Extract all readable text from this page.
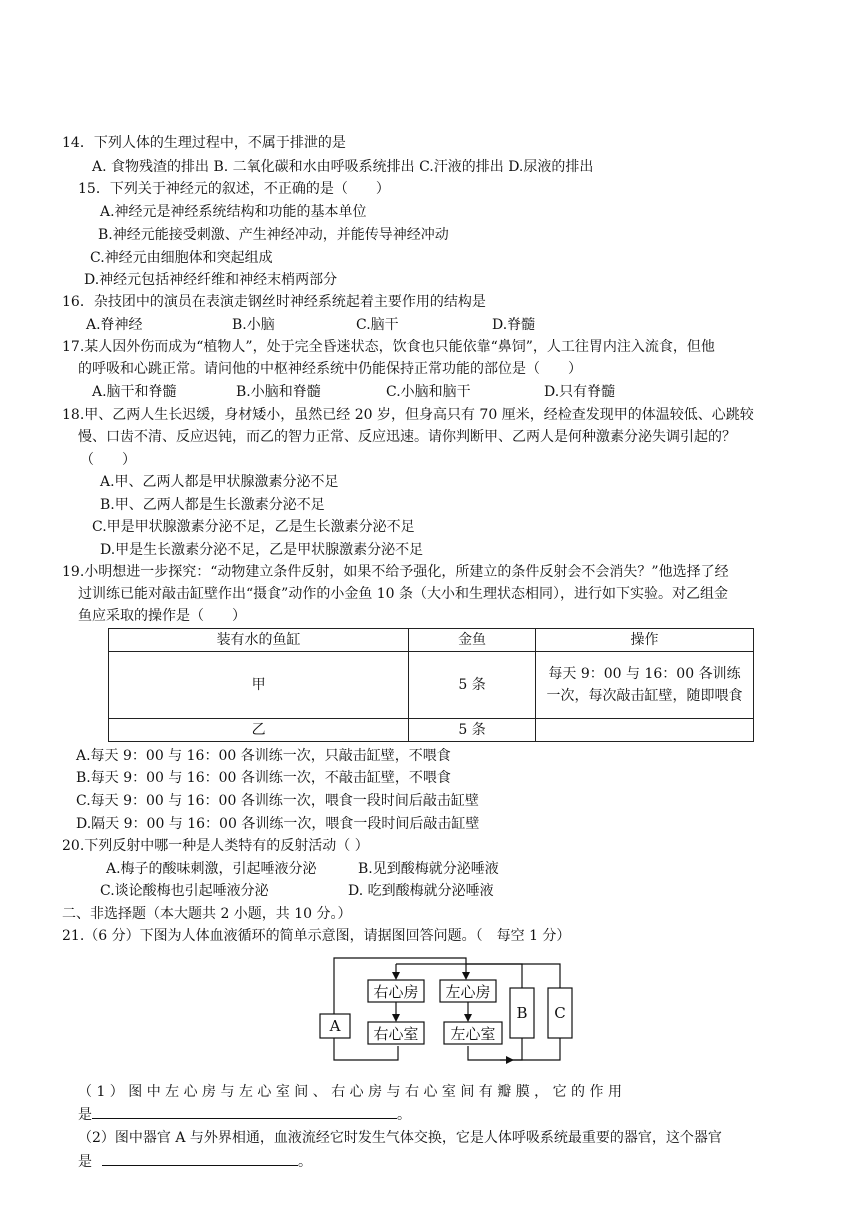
14．下列人体的生理过程中，不属于排泄的是
A. 食物残渣的排出 B. 二氧化碳和水由呼吸系统排出 C.汗液的排出 D.尿液的排出
15．下列关于神经元的叙述，不正确的是（　　）
A.神经元是神经系统结构和功能的基本单位
B.神经元能接受刺激、产生神经冲动，并能传导神经冲动
C.神经元由细胞体和突起组成
D.神经元包括神经纤维和神经末梢两部分
16．杂技团中的演员在表演走钢丝时神经系统起着主要作用的结构是
A.脊神经	B.小脑	C.脑干	D.脊髓
17.某人因外伤而成为“植物人”，处于完全昏迷状态，饮食也只能依靠“鼻饲”，人工往胃内注入流食，但他
的呼吸和心跳正常。请问他的中枢神经系统中仍能保持正常功能的部位是（　　）
A.脑干和脊髓	B.小脑和脊髓	C.小脑和脑干	D.只有脊髓
18.甲、乙两人生长迟缓，身材矮小，虽然已经 20 岁，但身高只有 70 厘米，经检查发现甲的体温较低、心跳较
慢、口齿不清、反应迟钝，而乙的智力正常、反应迅速。请你判断甲、乙两人是何种激素分泌失调引起的？
（　　）
A.甲、乙两人都是甲状腺激素分泌不足
B.甲、乙两人都是生长激素分泌不足
C.甲是甲状腺激素分泌不足，乙是生长激素分泌不足
D.甲是生长激素分泌不足，乙是甲状腺激素分泌不足
19.小明想进一步探究：“动物建立条件反射，如果不给予强化，所建立的条件反射会不会消失？”他选择了经
过训练已能对敲击缸壁作出“摄食”动作的小金鱼 10 条（大小和生理状态相同），进行如下实验。对乙组金
鱼应采取的操作是（　　）
装有水的鱼缸	金鱼	操作
甲	5 条	每天 9：00 与 16：00 各训练一次，每次敲击缸壁，随即喂食
乙	5 条	
A.每天 9：00 与 16：00 各训练一次，只敲击缸壁，不喂食
B.每天 9：00 与 16：00 各训练一次，不敲击缸壁，不喂食
C.每天 9：00 与 16：00 各训练一次，喂食一段时间后敲击缸壁
D.隔天 9：00 与 16：00 各训练一次，喂食一段时间后敲击缸壁
20.下列反射中哪一种是人类特有的反射活动（ ）
A.梅子的酸味刺激，引起唾液分泌	B.见到酸梅就分泌唾液
C.谈论酸梅也引起唾液分泌	D. 吃到酸梅就分泌唾液
二、非选择题（本大题共 2 小题，共 10 分。）
21.（6 分）下图为人体血液循环的简单示意图，请据图回答问题。（　每空 1 分）
右心房 左心房
右心室 左心室
A
B C
（ 1 ） 图 中 左 心 房 与 左 心 室 间 、 右 心 房 与 右 心 室 间 有 瓣 膜 ， 它 的 作 用
是	。
（2）图中器官 A 与外界相通，血液流经它时发生气体交换，它是人体呼吸系统最重要的器官，这个器官
是	。
